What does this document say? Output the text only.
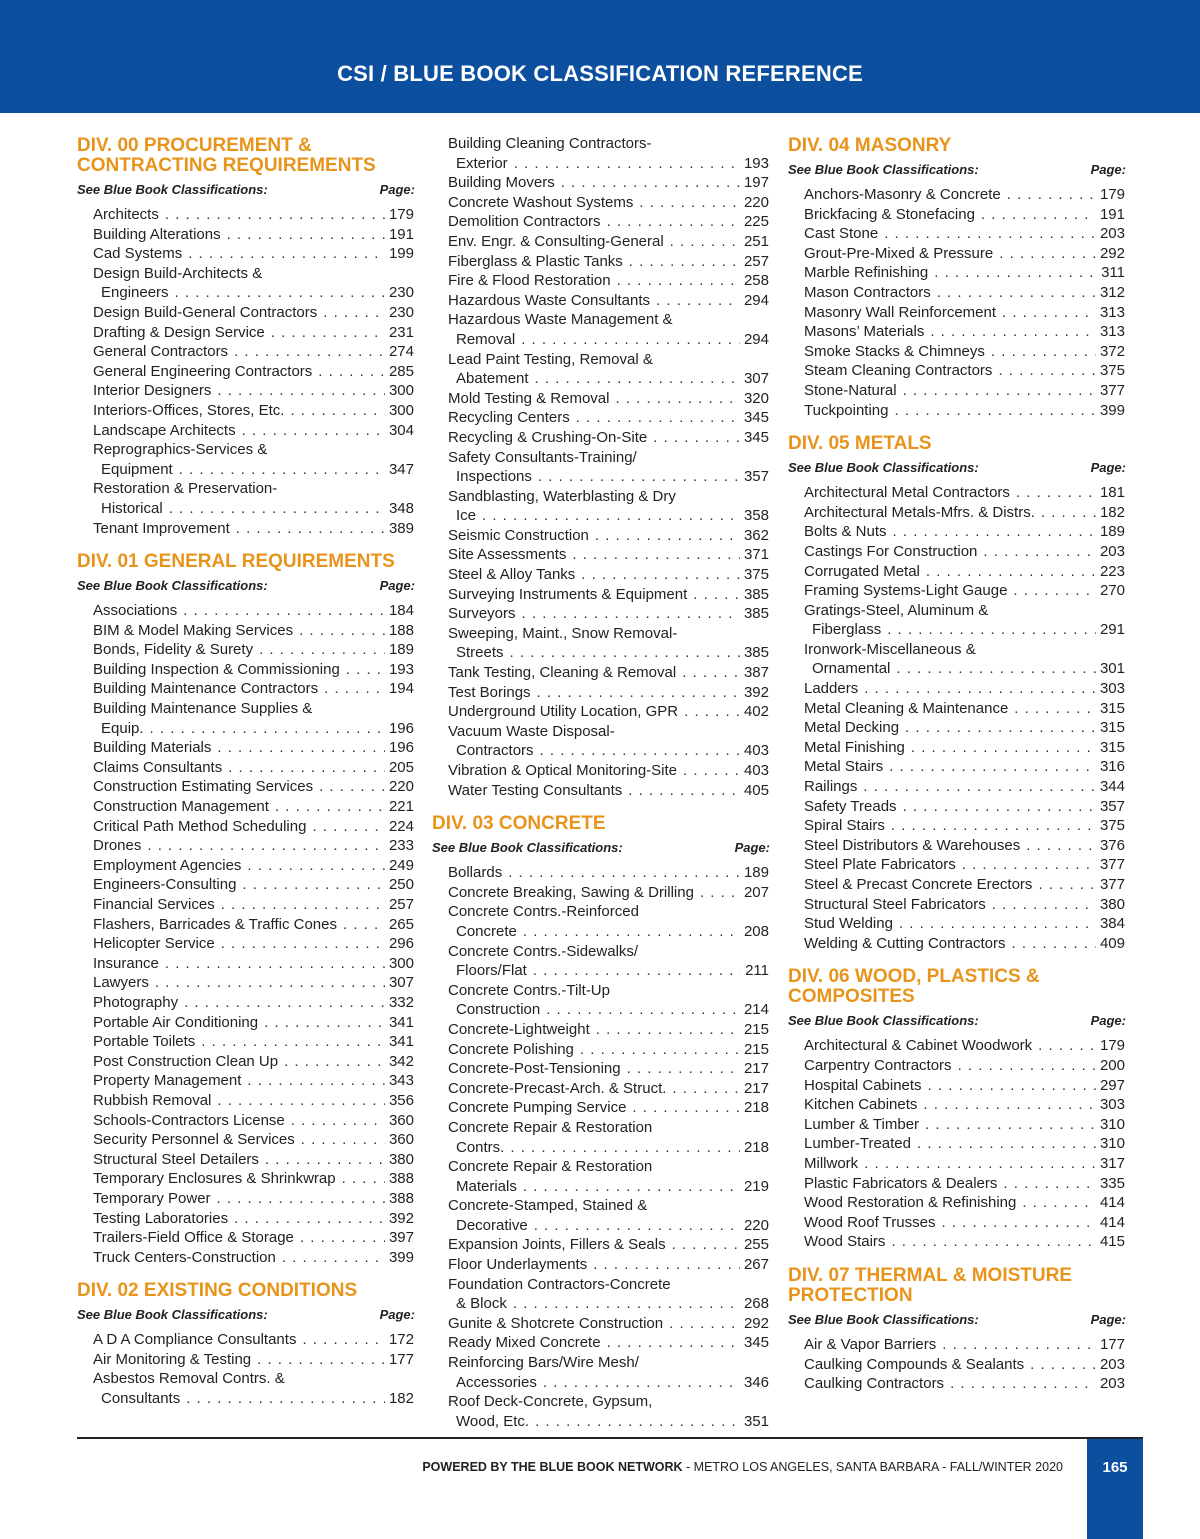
CSI / BLUE BOOK CLASSIFICATION REFERENCE
DIV. 00 PROCUREMENT &
CONTRACTING REQUIREMENTS
See Blue Book Classifications:	Page:
Architects . . .	179
Building Alterations . . .	191
Cad Systems . . .	199
Design Build-Architects &
Engineers . . .	230
Design Build-General Contractors . . .	230
Drafting & Design Service . . .	231
General Contractors . . .	274
General Engineering Contractors . . .	285
Interior Designers . . .	300
Interiors-Offices, Stores, Etc. . . .	300
Landscape Architects . . .	304
Reprographics-Services &
Equipment . . .	347
Restoration & Preservation-
Historical . . .	348
Tenant Improvement . . .	389
DIV. 01 GENERAL REQUIREMENTS
See Blue Book Classifications:	Page:
Associations . . .	184
BIM & Model Making Services . . .	188
Bonds, Fidelity & Surety . . .	189
Building Inspection & Commissioning . . .	193
Building Maintenance Contractors . . .	194
Building Maintenance Supplies &
Equip. . . .	196
Building Materials . . .	196
Claims Consultants . . .	205
Construction Estimating Services . . .	220
Construction Management . . .	221
Critical Path Method Scheduling . . .	224
Drones . . .	233
Employment Agencies . . .	249
Engineers-Consulting . . .	250
Financial Services . . .	257
Flashers, Barricades & Traffic Cones . . .	265
Helicopter Service . . .	296
Insurance . . .	300
Lawyers . . .	307
Photography . . .	332
Portable Air Conditioning . . .	341
Portable Toilets . . .	341
Post Construction Clean Up . . .	342
Property Management . . .	343
Rubbish Removal . . .	356
Schools-Contractors License . . .	360
Security Personnel & Services . . .	360
Structural Steel Detailers . . .	380
Temporary Enclosures & Shrinkwrap . . .	388
Temporary Power . . .	388
Testing Laboratories . . .	392
Trailers-Field Office & Storage . . .	397
Truck Centers-Construction . . .	399
DIV. 02 EXISTING CONDITIONS
See Blue Book Classifications:	Page:
A D A Compliance Consultants . . .	172
Air Monitoring & Testing . . .	177
Asbestos Removal Contrs. &
Consultants . . .	182
Building Cleaning Contractors-
Exterior . . .	193
Building Movers . . .	197
Concrete Washout Systems . . .	220
Demolition Contractors . . .	225
Env. Engr. & Consulting-General . . .	251
Fiberglass & Plastic Tanks . . .	257
Fire & Flood Restoration . . .	258
Hazardous Waste Consultants . . .	294
Hazardous Waste Management &
Removal . . .	294
Lead Paint Testing, Removal &
Abatement . . .	307
Mold Testing & Removal . . .	320
Recycling Centers . . .	345
Recycling & Crushing-On-Site . . .	345
Safety Consultants-Training/
Inspections . . .	357
Sandblasting, Waterblasting & Dry
Ice . . .	358
Seismic Construction . . .	362
Site Assessments . . .	371
Steel & Alloy Tanks . . .	375
Surveying Instruments & Equipment . . .	385
Surveyors . . .	385
Sweeping, Maint., Snow Removal-
Streets . . .	385
Tank Testing, Cleaning & Removal . . .	387
Test Borings . . .	392
Underground Utility Location, GPR . . .	402
Vacuum Waste Disposal-
Contractors . . .	403
Vibration & Optical Monitoring-Site . . .	403
Water Testing Consultants . . .	405
DIV. 03 CONCRETE
See Blue Book Classifications:	Page:
Bollards . . .	189
Concrete Breaking, Sawing & Drilling . . .	207
Concrete Contrs.-Reinforced
Concrete . . .	208
Concrete Contrs.-Sidewalks/
Floors/Flat . . .	211
Concrete Contrs.-Tilt-Up
Construction . . .	214
Concrete-Lightweight . . .	215
Concrete Polishing . . .	215
Concrete-Post-Tensioning . . .	217
Concrete-Precast-Arch. & Struct. . . .	217
Concrete Pumping Service . . .	218
Concrete Repair & Restoration
Contrs. . . .	218
Concrete Repair & Restoration
Materials . . .	219
Concrete-Stamped, Stained &
Decorative . . .	220
Expansion Joints, Fillers & Seals . . .	255
Floor Underlayments . . .	267
Foundation Contractors-Concrete
& Block . . .	268
Gunite & Shotcrete Construction . . .	292
Ready Mixed Concrete . . .	345
Reinforcing Bars/Wire Mesh/
Accessories . . .	346
Roof Deck-Concrete, Gypsum,
Wood, Etc. . . .	351
DIV. 04 MASONRY
See Blue Book Classifications:	Page:
Anchors-Masonry & Concrete . . .	179
Brickfacing & Stonefacing . . .	191
Cast Stone . . .	203
Grout-Pre-Mixed & Pressure . . .	292
Marble Refinishing . . .	311
Mason Contractors . . .	312
Masonry Wall Reinforcement . . .	313
Masons’ Materials . . .	313
Smoke Stacks & Chimneys . . .	372
Steam Cleaning Contractors . . .	375
Stone-Natural . . .	377
Tuckpointing . . .	399
DIV. 05 METALS
See Blue Book Classifications:	Page:
Architectural Metal Contractors . . .	181
Architectural Metals-Mfrs. & Distrs. . . .	182
Bolts & Nuts . . .	189
Castings For Construction . . .	203
Corrugated Metal . . .	223
Framing Systems-Light Gauge . . .	270
Gratings-Steel, Aluminum &
Fiberglass . . .	291
Ironwork-Miscellaneous &
Ornamental . . .	301
Ladders . . .	303
Metal Cleaning & Maintenance . . .	315
Metal Decking . . .	315
Metal Finishing . . .	315
Metal Stairs . . .	316
Railings . . .	344
Safety Treads . . .	357
Spiral Stairs . . .	375
Steel Distributors & Warehouses . . .	376
Steel Plate Fabricators . . .	377
Steel & Precast Concrete Erectors . . .	377
Structural Steel Fabricators . . .	380
Stud Welding . . .	384
Welding & Cutting Contractors . . .	409
DIV. 06 WOOD, PLASTICS &
COMPOSITES
See Blue Book Classifications:	Page:
Architectural & Cabinet Woodwork . . .	179
Carpentry Contractors . . .	200
Hospital Cabinets . . .	297
Kitchen Cabinets . . .	303
Lumber & Timber . . .	310
Lumber-Treated . . .	310
Millwork . . .	317
Plastic Fabricators & Dealers . . .	335
Wood Restoration & Refinishing . . .	414
Wood Roof Trusses . . .	414
Wood Stairs . . .	415
DIV. 07 THERMAL & MOISTURE
PROTECTION
See Blue Book Classifications:	Page:
Air & Vapor Barriers . . .	177
Caulking Compounds & Sealants . . .	203
Caulking Contractors . . .	203
POWERED BY THE BLUE BOOK NETWORK - METRO LOS ANGELES, SANTA BARBARA - FALL/WINTER 2020	165
